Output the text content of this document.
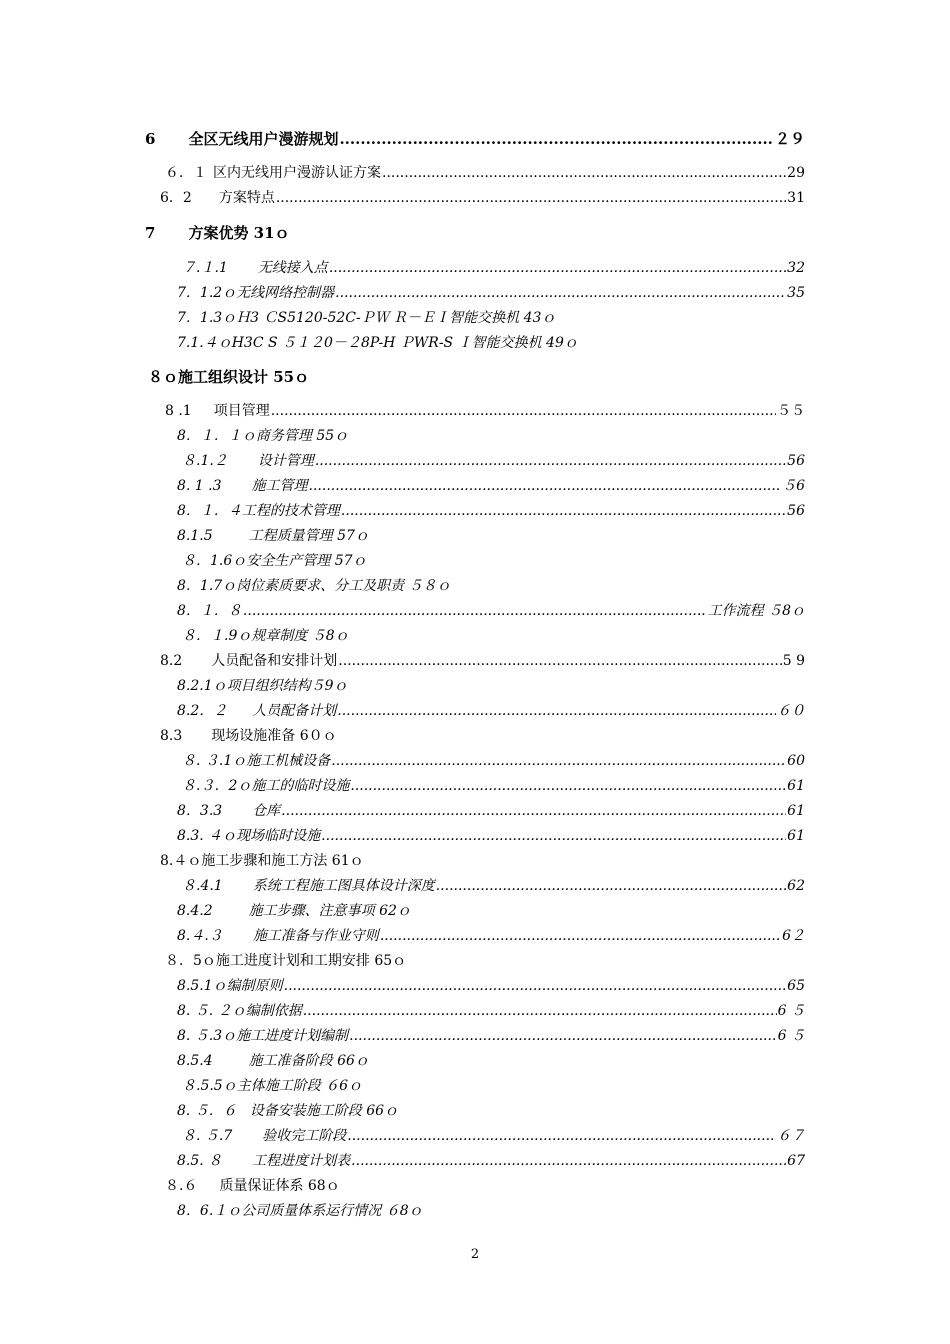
6 全区无线用户漫游规划 .....	２９
６．１ 区内无线用户漫游认证方案 .....	29
6．2 方案特点 .....	31
7 方案优势 31ｏ
７.１.1 无线接入点 .....	32
7．1.2ｏ 无线网络控制器 .....	35
7．1.3ｏ Ｈ3 ＣS5120-52C-ＰＷ Ｒ－ＥＩ智能交换机 43ｏ
7.1.４ｏ H3C S ５１２0－２8P-H ＰWR-S Ｉ智能交换机 49ｏ
８ｏ 施工组织设计 55ｏ
8 .1 项目管理 .....	５５
8．１．１ｏ 商务管理 55ｏ
８.1.２ 设计管理 .....	56
8. 1 .3 施工管理 .....	５6
8．１．４ 工程的技术管理 .....	56
8.1.5	工程质量管理 57ｏ
８．1.6ｏ 安全生产管理 57ｏ
8．1.7ｏ 岗位素质要求、分工及职责 ５８ｏ
8．１．８ .....	工作流程 ５8ｏ
８．１.9ｏ 规章制度 ５8ｏ
8.2 人员配备和安排计划 .....	5 9
8.2.1ｏ 项目组织结构５9ｏ
8.2．２ 人员配备计划 .....	６０
8.3 现场设施准备 6０ｏ
８. ３.1ｏ 施工机械设备 .....	60
８.３．2ｏ 施工的临时设施 .....	61
8．3.3 仓库 .....	61
8.3. ４ｏ 现场临时设施 .....	61
8.４ｏ 施工步骤和施工方法 61ｏ
８.4.1 系统工程施工图具体设计深度 .....	62
8.4.2	施工步骤、注意事项 62ｏ
8.４.３ 施工准备与作业守则 .....	6２
８．5ｏ 施工进度计划和工期安排 65ｏ
8.5.1ｏ 编制原则 .....	65
8. ５. ２ｏ 编制依据 .....	6 ５
8. ５.3ｏ 施工进度计划编制 .....	6 ５
8.5.4	施工准备阶段 66ｏ
８.5.5ｏ 主体施工阶段 ６6ｏ
8. ５．６ 设备安装施工阶段 66ｏ
８. ５.7 验收完工阶段 .....	６７
8.5. ８ 工程进度计划表 .....	67
８.６ 质量保证体系 68ｏ
8．6.１ｏ 公司质量体系运行情况 ６8ｏ
2
